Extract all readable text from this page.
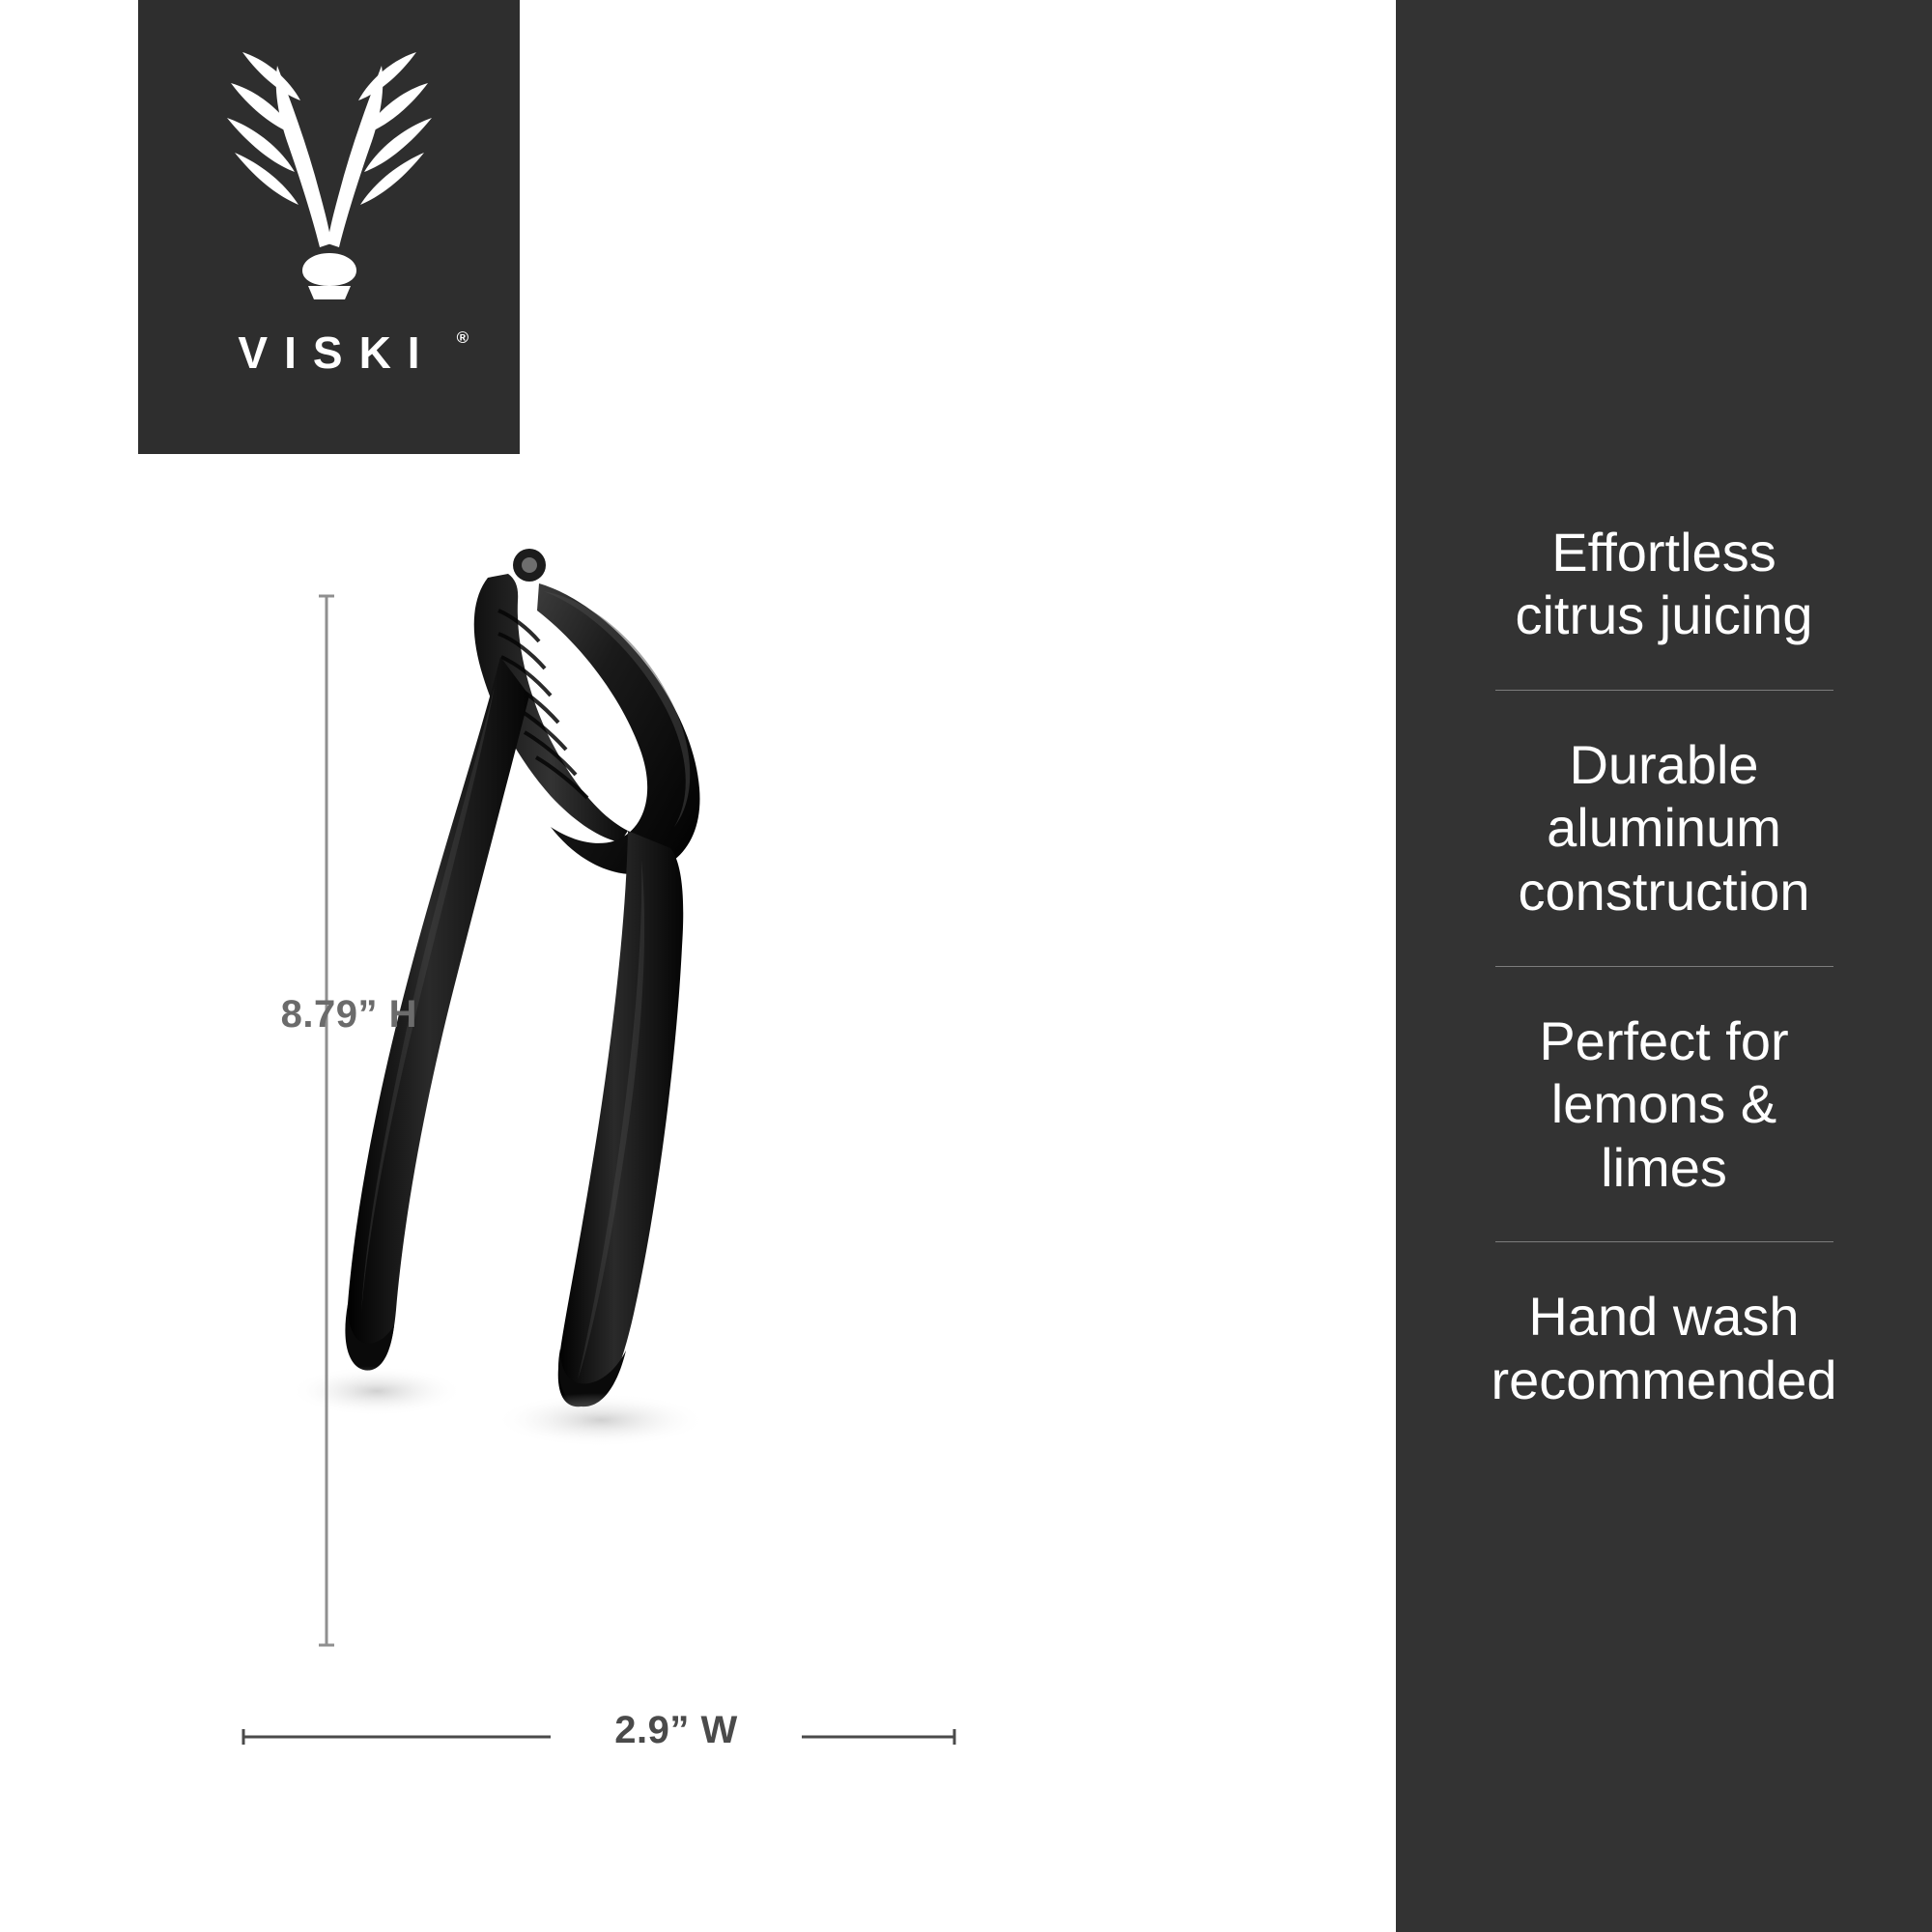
VISKI	®
8.79” H
2.9” W
Effortless
citrus juicing
Durable
aluminum
construction
Perfect for
lemons &
limes
Hand wash
recommended
